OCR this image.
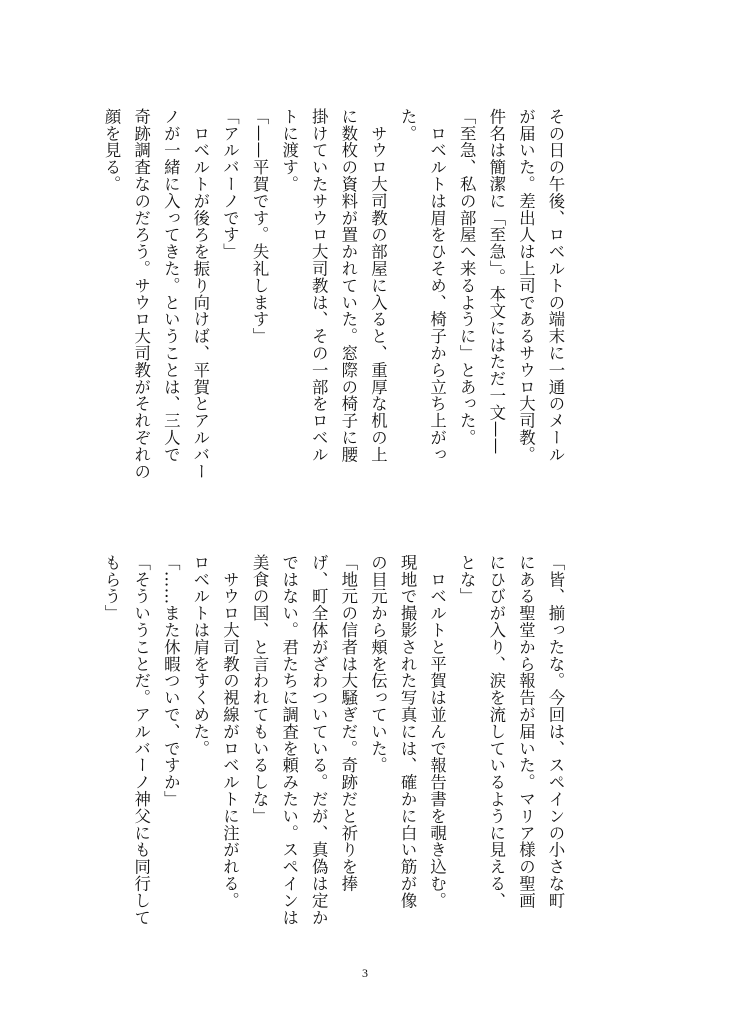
その日の午後、ロベルトの端末に一通のメール
が届いた。差出人は上司であるサウロ大司教。
件名は簡潔に「至急」。本文にはただ一文——
「至急、私の部屋へ来るように」とあった。
　ロベルトは眉をひそめ、椅子から立ち上がっ
た。
　サウロ大司教の部屋に入ると、重厚な机の上
に数枚の資料が置かれていた。窓際の椅子に腰
掛けていたサウロ大司教は、その一部をロベル
トに渡す。
「——平賀です。失礼します」
「アルバーノです」
　ロベルトが後ろを振り向けば、平賀とアルバー
ノが一緒に入ってきた。ということは、三人で
奇跡調査なのだろう。サウロ大司教がそれぞれの
顔を見る。
「皆、揃ったな。今回は、スペインの小さな町
にある聖堂から報告が届いた。マリア様の聖画
にひびが入り、涙を流しているように見える、
とな」
　ロベルトと平賀は並んで報告書を覗き込む。
現地で撮影された写真には、確かに白い筋が像
の目元から頬を伝っていた。
「地元の信者は大騒ぎだ。奇跡だと祈りを捧
げ、町全体がざわついている。だが、真偽は定か
ではない。君たちに調査を頼みたい。スペインは
美食の国、と言われてもいるしな」
　サウロ大司教の視線がロベルトに注がれる。
ロベルトは肩をすくめた。
「……また休暇ついで、ですか」
「そういうことだ。アルバーノ神父にも同行して
もらう」
3
